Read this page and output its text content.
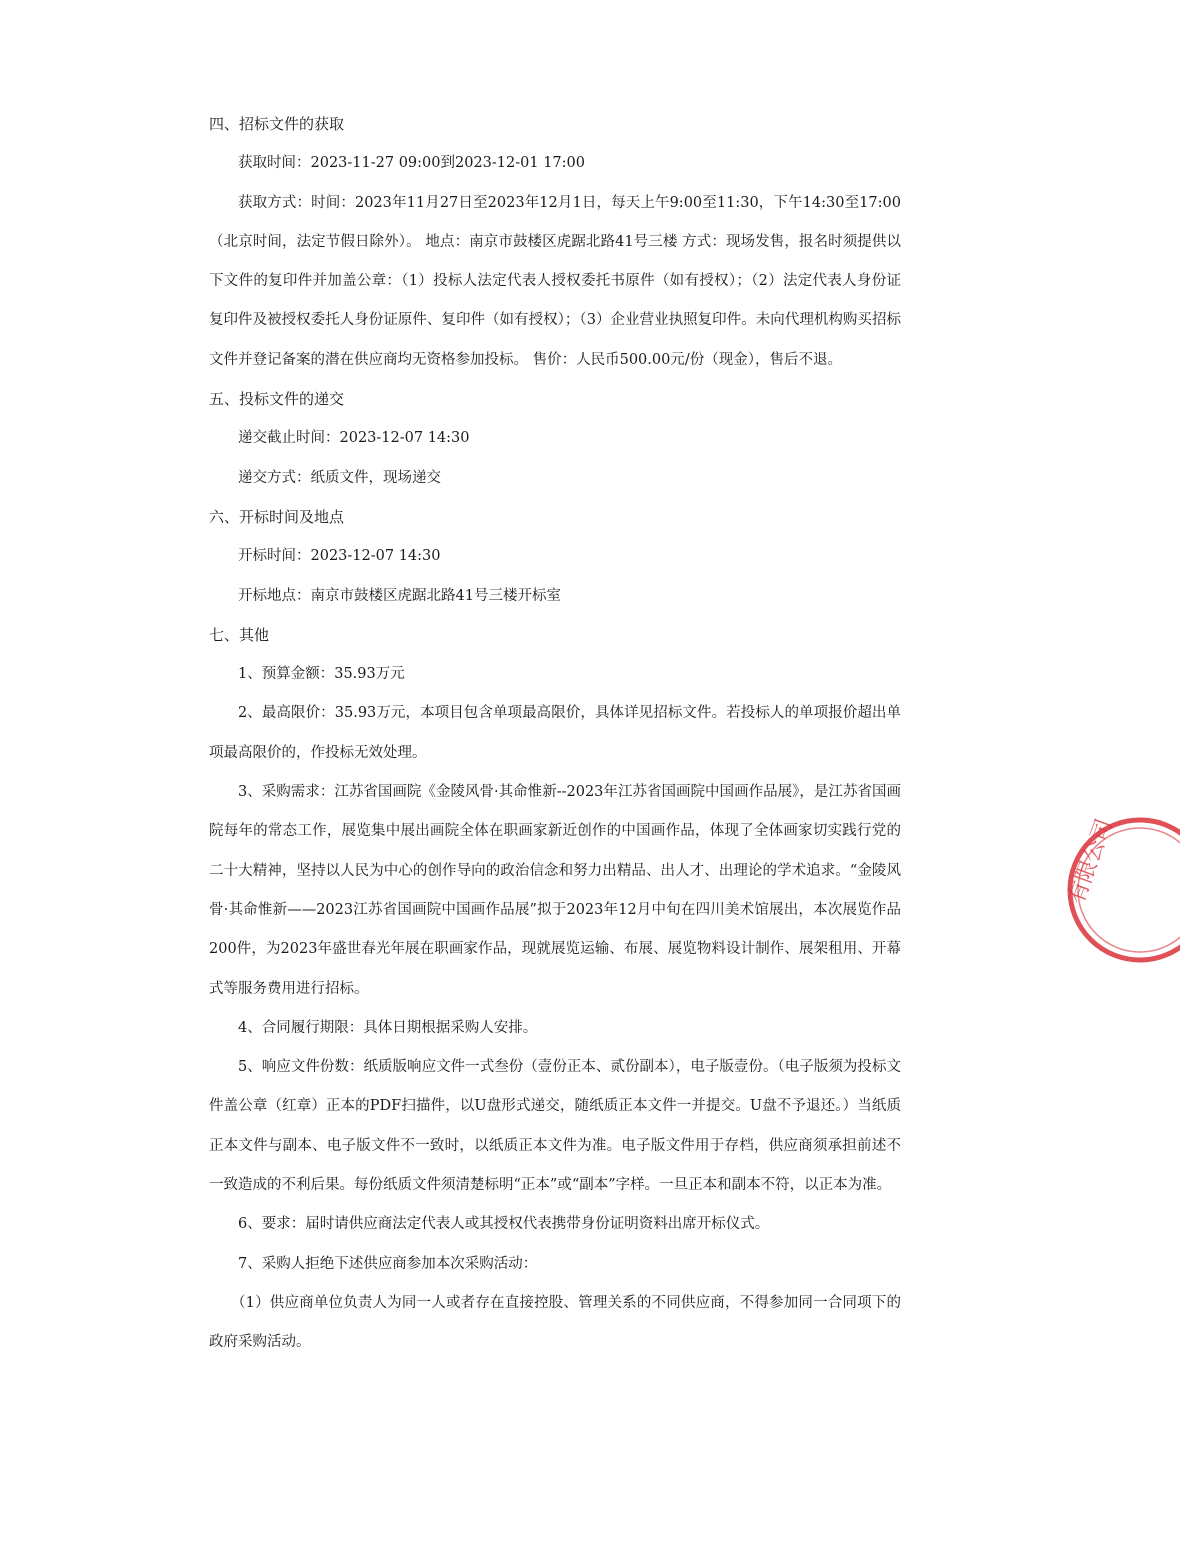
四、招标文件的获取

获取时间：2023-11-27 09:00到2023-12-01 17:00

获取方式：时间：2023年11月27日至2023年12月1日，每天上午9:00至11:30，下午14:30至17:00（北京时间，法定节假日除外）。 地点：南京市鼓楼区虎踞北路41号三楼 方式：现场发售，报名时须提供以下文件的复印件并加盖公章：（1）投标人法定代表人授权委托书原件（如有授权）；（2）法定代表人身份证复印件及被授权委托人身份证原件、复印件（如有授权）；（3）企业营业执照复印件。未向代理机构购买招标文件并登记备案的潜在供应商均无资格参加投标。 售价：人民币500.00元/份（现金），售后不退。

五、投标文件的递交

递交截止时间：2023-12-07 14:30

递交方式：纸质文件，现场递交

六、开标时间及地点

开标时间：2023-12-07 14:30

开标地点：南京市鼓楼区虎踞北路41号三楼开标室

七、其他

1、预算金额：35.93万元

2、最高限价：35.93万元，本项目包含单项最高限价，具体详见招标文件。若投标人的单项报价超出单项最高限价的，作投标无效处理。

3、采购需求：江苏省国画院《金陵风骨·其命惟新--2023年江苏省国画院中国画作品展》，是江苏省国画院每年的常态工作，展览集中展出画院全体在职画家新近创作的中国画作品，体现了全体画家切实践行党的二十大精神，坚持以人民为中心的创作导向的政治信念和努力出精品、出人才、出理论的学术追求。“金陵风骨·其命惟新——2023江苏省国画院中国画作品展”拟于2023年12月中旬在四川美术馆展出，本次展览作品200件，为2023年盛世春光年展在职画家作品，现就展览运输、布展、展览物料设计制作、展架租用、开幕式等服务费用进行招标。

4、合同履行期限：具体日期根据采购人安排。

5、响应文件份数：纸质版响应文件一式叁份（壹份正本、贰份副本），电子版壹份。（电子版须为投标文件盖公章（红章）正本的PDF扫描件，以U盘形式递交，随纸质正本文件一并提交。U盘不予退还。）当纸质正本文件与副本、电子版文件不一致时，以纸质正本文件为准。电子版文件用于存档，供应商须承担前述不一致造成的不利后果。每份纸质文件须清楚标明“正本”或“副本”字样。一旦正本和副本不符，以正本为准。

6、要求：届时请供应商法定代表人或其授权代表携带身份证明资料出席开标仪式。

7、采购人拒绝下述供应商参加本次采购活动：

（1）供应商单位负责人为同一人或者存在直接控股、管理关系的不同供应商，不得参加同一合同项下的政府采购活动。

有限公司
